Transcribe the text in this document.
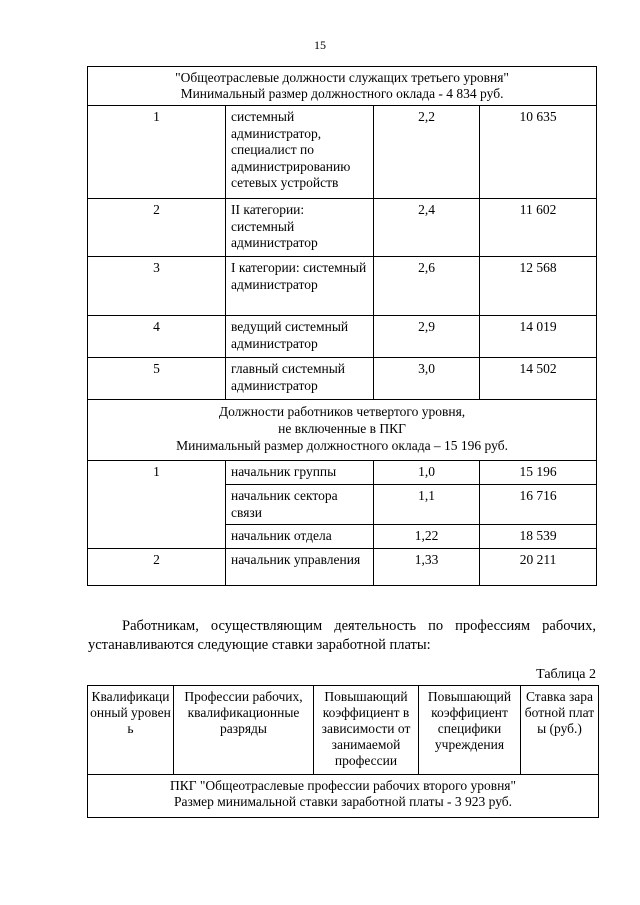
15
"Общеотраслевые должности служащих третьего уровня"
Минимальный размер должностного оклада - 4 834 руб.			

1	системный администратор, специалист по администрированию сетевых устройств	2,2	10 635
2	II категории: системный администратор	2,4	11 602
3	I категории: системный администратор	2,6	12 568
4	ведущий системный администратор	2,9	14 019
5	главный системный администратор	3,0	14 502

Должности работников четвертого уровня,
не включенные в ПКГ
Минимальный размер должностного оклада – 15 196 руб.			

1	начальник группы	1,0	15 196
	начальник сектора связи	1,1	16 716
	начальник отдела	1,22	18 539
2	начальник управления	1,33	20 211
Работникам, осуществляющим деятельность по профессиям рабочих, устанавливаются следующие ставки заработной платы:
Таблица 2
Квалификационный уровень	Профессии рабочих, квалификационные разряды	Повышающий коэффициент в зависимости от занимаемой профессии	Повышающий коэффициент специфики учреждения	Ставка заработной платы (руб.)

ПКГ "Общеотраслевые профессии рабочих второго уровня"
Размер минимальной ставки заработной платы - 3 923 руб.
